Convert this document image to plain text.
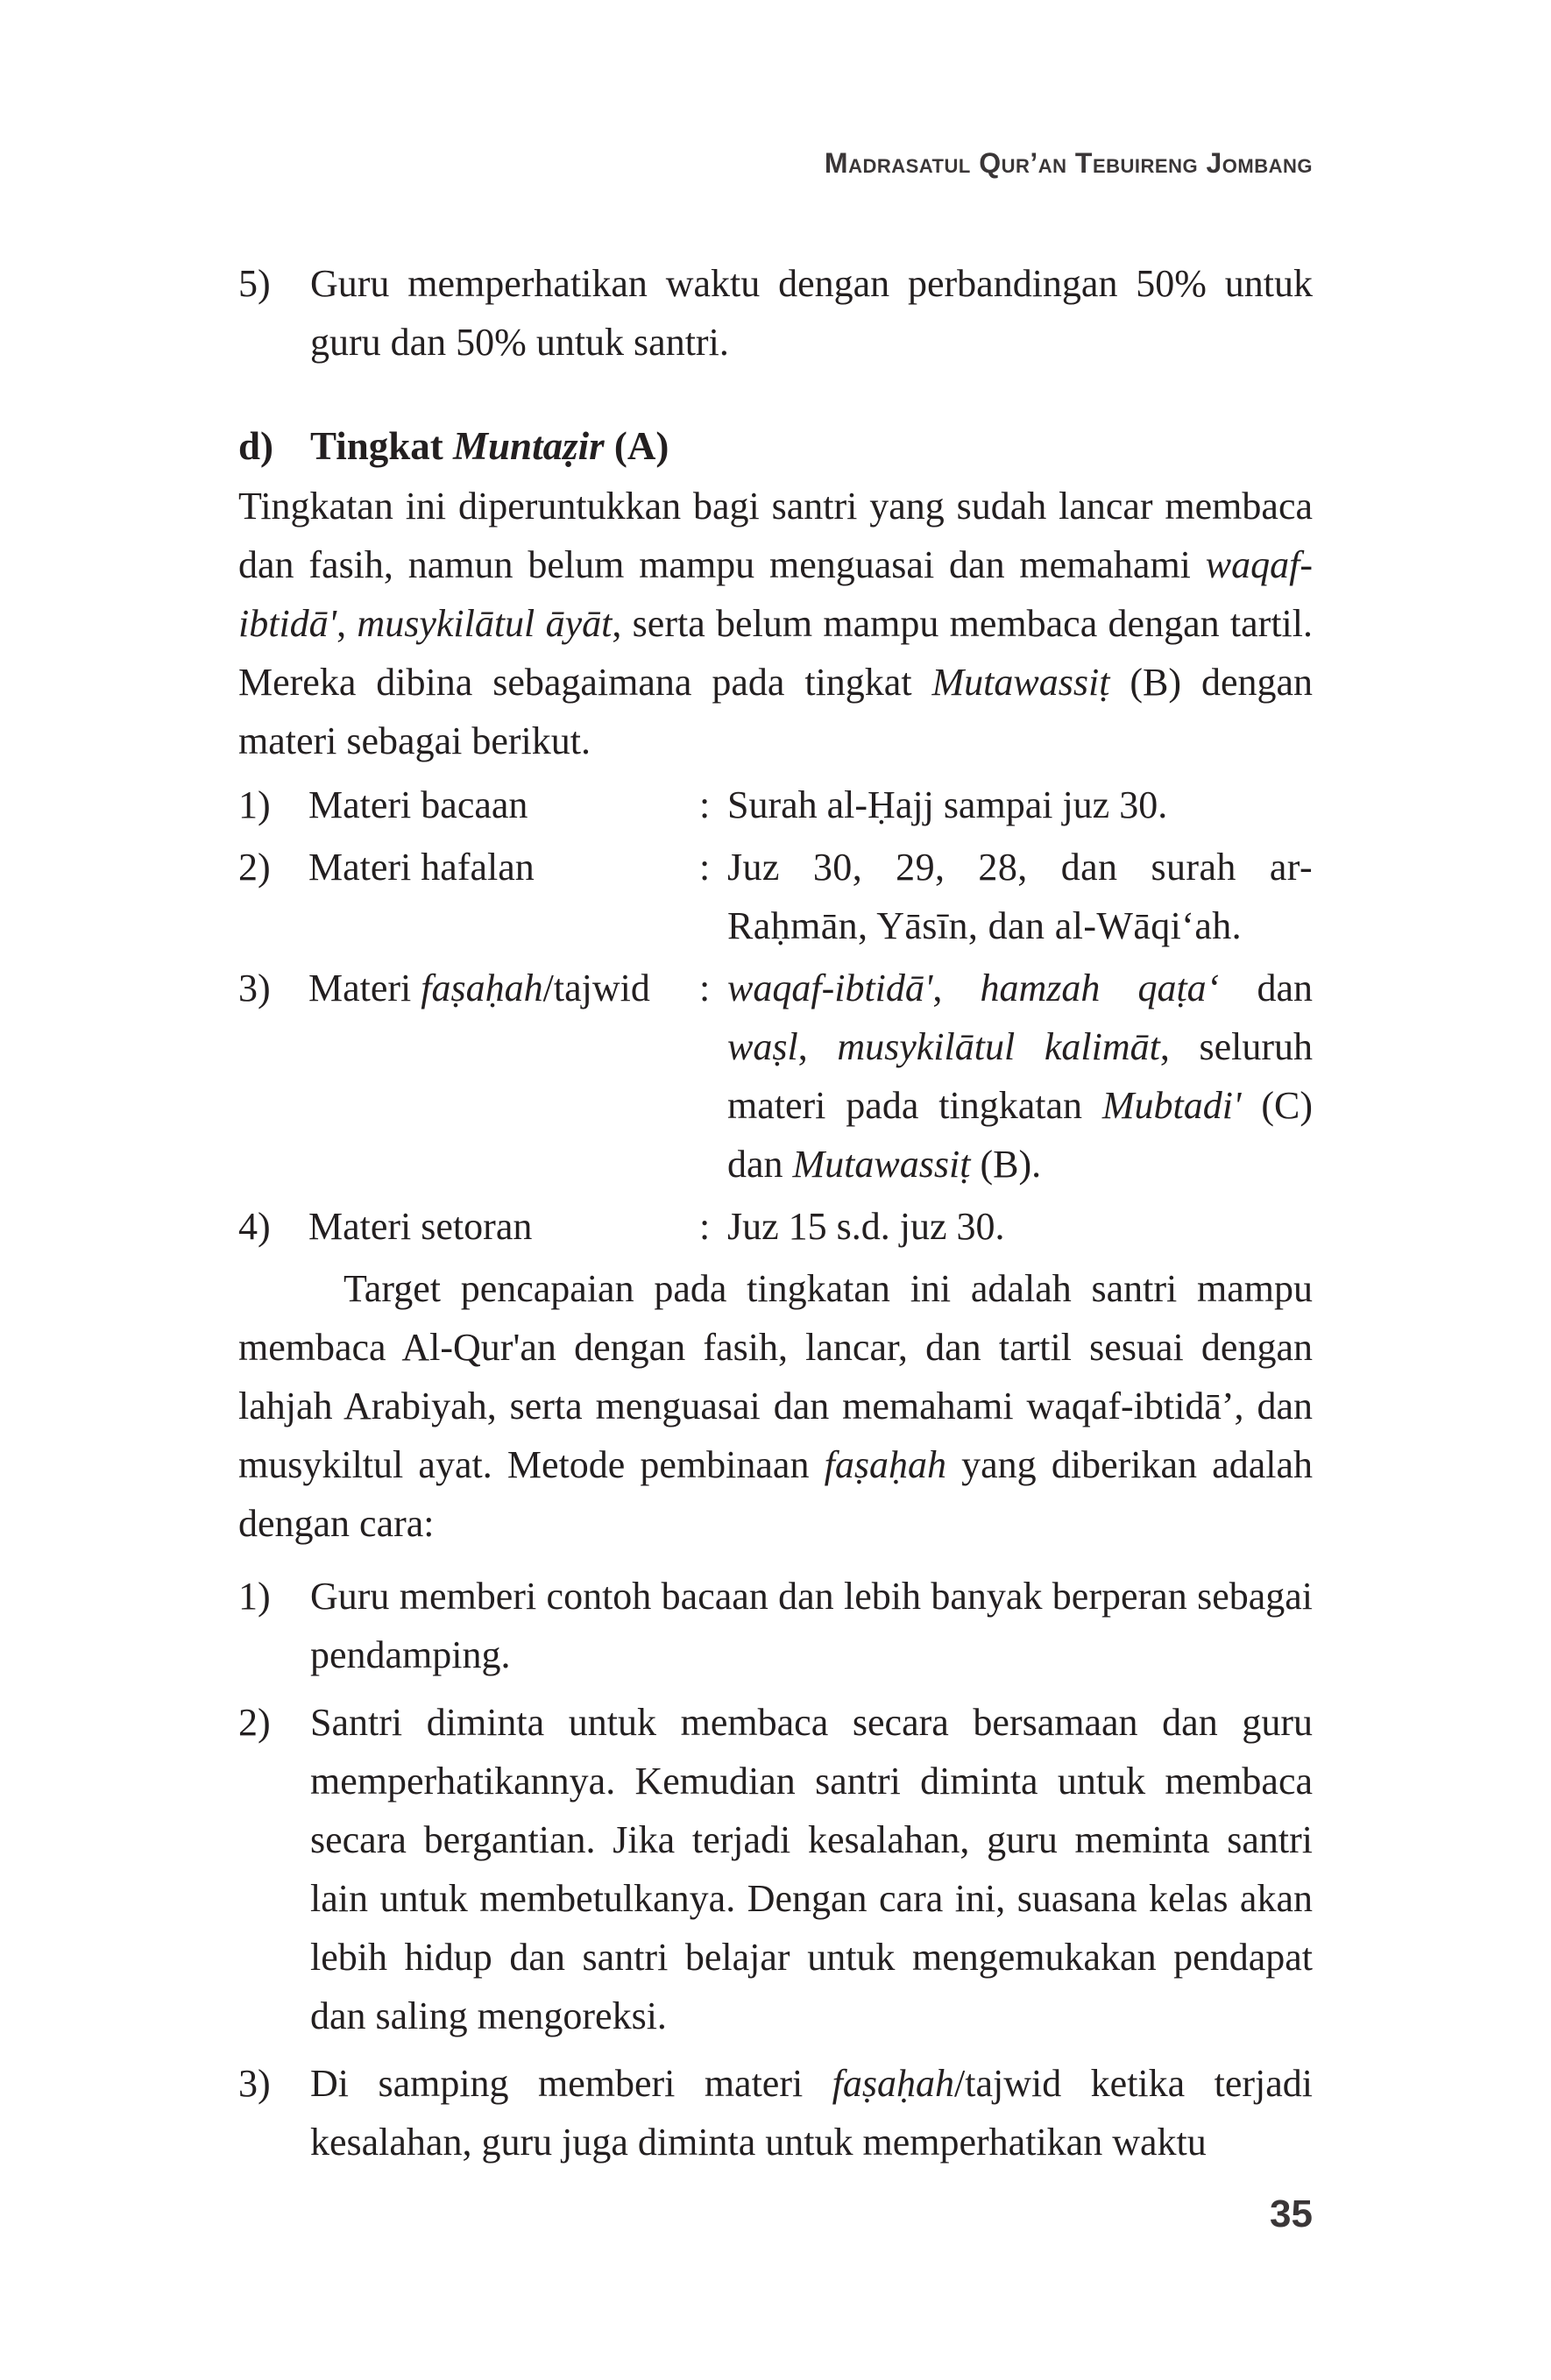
Madrasatul Qur’an Tebuireng Jombang
5)	Guru memperhatikan waktu dengan perbandingan 50% untuk guru dan 50% untuk santri.
d) Tingkat Muntaẓir (A)

Tingkatan ini diperuntukkan bagi santri yang sudah lancar membaca dan fasih, namun belum mampu menguasai dan memahami waqaf-ibtidā', musykilātul āyāt, serta belum mampu membaca dengan tartil. Mereka dibina sebagaimana pada tingkat Mutawassiṭ (B) dengan materi sebagai berikut.

1) Materi bacaan	: Surah al-Ḥajj sampai juz 30.
2) Materi hafalan	: Juz 30, 29, 28, dan surah ar-Raḥmān, Yāsīn, dan al-Wāqi‘ah.
3) Materi faṣaḥah/tajwid	: waqaf-ibtidā', hamzah qaṭa‘ dan waṣl, musykilātul kalimāt, seluruh materi pada tingkatan Mubtadi' (C) dan Mutawassiṭ (B).
4) Materi setoran	: Juz 15 s.d. juz 30.

Target pencapaian pada tingkatan ini adalah santri mampu membaca Al-Qur'an dengan fasih, lancar, dan tartil sesuai dengan lahjah Arabiyah, serta menguasai dan memahami waqaf-ibtidā’, dan musykiltul ayat. Metode pembinaan faṣaḥah yang diberikan adalah dengan cara:

1)	Guru memberi contoh bacaan dan lebih banyak berperan sebagai pendamping.
2)	Santri diminta untuk membaca secara bersamaan dan guru memperhatikannya. Kemudian santri diminta untuk membaca secara bergantian. Jika terjadi kesalahan, guru meminta santri lain untuk membetulkanya. Dengan cara ini, suasana kelas akan lebih hidup dan santri belajar untuk mengemukakan pendapat dan saling mengoreksi.
3)	Di samping memberi materi faṣaḥah/tajwid ketika terjadi kesalahan, guru juga diminta untuk memperhatikan waktu
35
